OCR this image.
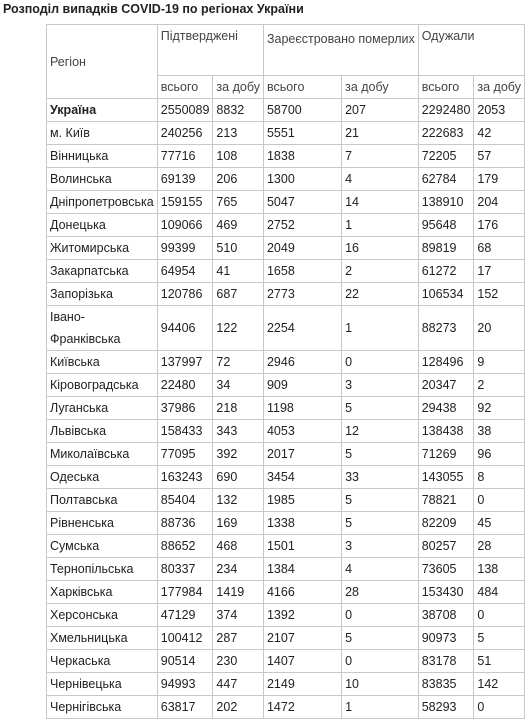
Розподіл випадків COVID-19 по регіонах України
Регіон	Підтверджені		Зареєстровано померлих		Одужали	
	всього	за добу	всього	за добу	всього	за добу
Україна	2550089	8832	58700	207	2292480	2053
м. Київ	240256	213	5551	21	222683	42
Вінницька	77716	108	1838	7	72205	57
Волинська	69139	206	1300	4	62784	179
Дніпропетровська	159155	765	5047	14	138910	204
Донецька	109066	469	2752	1	95648	176
Житомирська	99399	510	2049	16	89819	68
Закарпатська	64954	41	1658	2	61272	17
Запорізька	120786	687	2773	22	106534	152
Івано-​Франківська	94406	122	2254	1	88273	20
Київська	137997	72	2946	0	128496	9
Кіровоградська	22480	34	909	3	20347	2
Луганська	37986	218	1198	5	29438	92
Львівська	158433	343	4053	12	138438	38
Миколаївська	77095	392	2017	5	71269	96
Одеська	163243	690	3454	33	143055	8
Полтавська	85404	132	1985	5	78821	0
Рівненська	88736	169	1338	5	82209	45
Сумська	88652	468	1501	3	80257	28
Тернопільська	80337	234	1384	4	73605	138
Харківська	177984	1419	4166	28	153430	484
Херсонська	47129	374	1392	0	38708	0
Хмельницька	100412	287	2107	5	90973	5
Черкаська	90514	230	1407	0	83178	51
Чернівецька	94993	447	2149	10	83835	142
Чернігівська	63817	202	1472	1	58293	0
